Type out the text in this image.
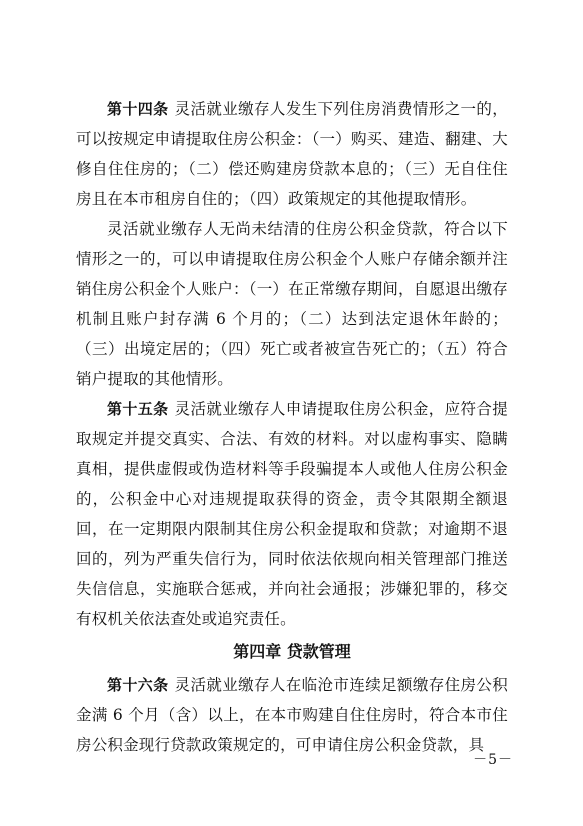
第十四条 灵活就业缴存人发生下列住房消费情形之一的，可以按规定申请提取住房公积金：（一）购买、建造、翻建、大修自住住房的；（二）偿还购建房贷款本息的；（三）无自住住房且在本市租房自住的；（四）政策规定的其他提取情形。

灵活就业缴存人无尚未结清的住房公积金贷款，符合以下情形之一的，可以申请提取住房公积金个人账户存储余额并注销住房公积金个人账户：（一）在正常缴存期间，自愿退出缴存机制且账户封存满 6 个月的；（二）达到法定退休年龄的；（三）出境定居的；（四）死亡或者被宣告死亡的；（五）符合销户提取的其他情形。

第十五条 灵活就业缴存人申请提取住房公积金，应符合提取规定并提交真实、合法、有效的材料。对以虚构事实、隐瞒真相，提供虚假或伪造材料等手段骗提本人或他人住房公积金的，公积金中心对违规提取获得的资金，责令其限期全额退回，在一定期限内限制其住房公积金提取和贷款；对逾期不退回的，列为严重失信行为，同时依法依规向相关管理部门推送失信信息，实施联合惩戒，并向社会通报；涉嫌犯罪的，移交有权机关依法查处或追究责任。

第四章 贷款管理

第十六条 灵活就业缴存人在临沧市连续足额缴存住房公积金满 6 个月（含）以上，在本市购建自住住房时，符合本市住房公积金现行贷款政策规定的，可申请住房公积金贷款，具

－5－
